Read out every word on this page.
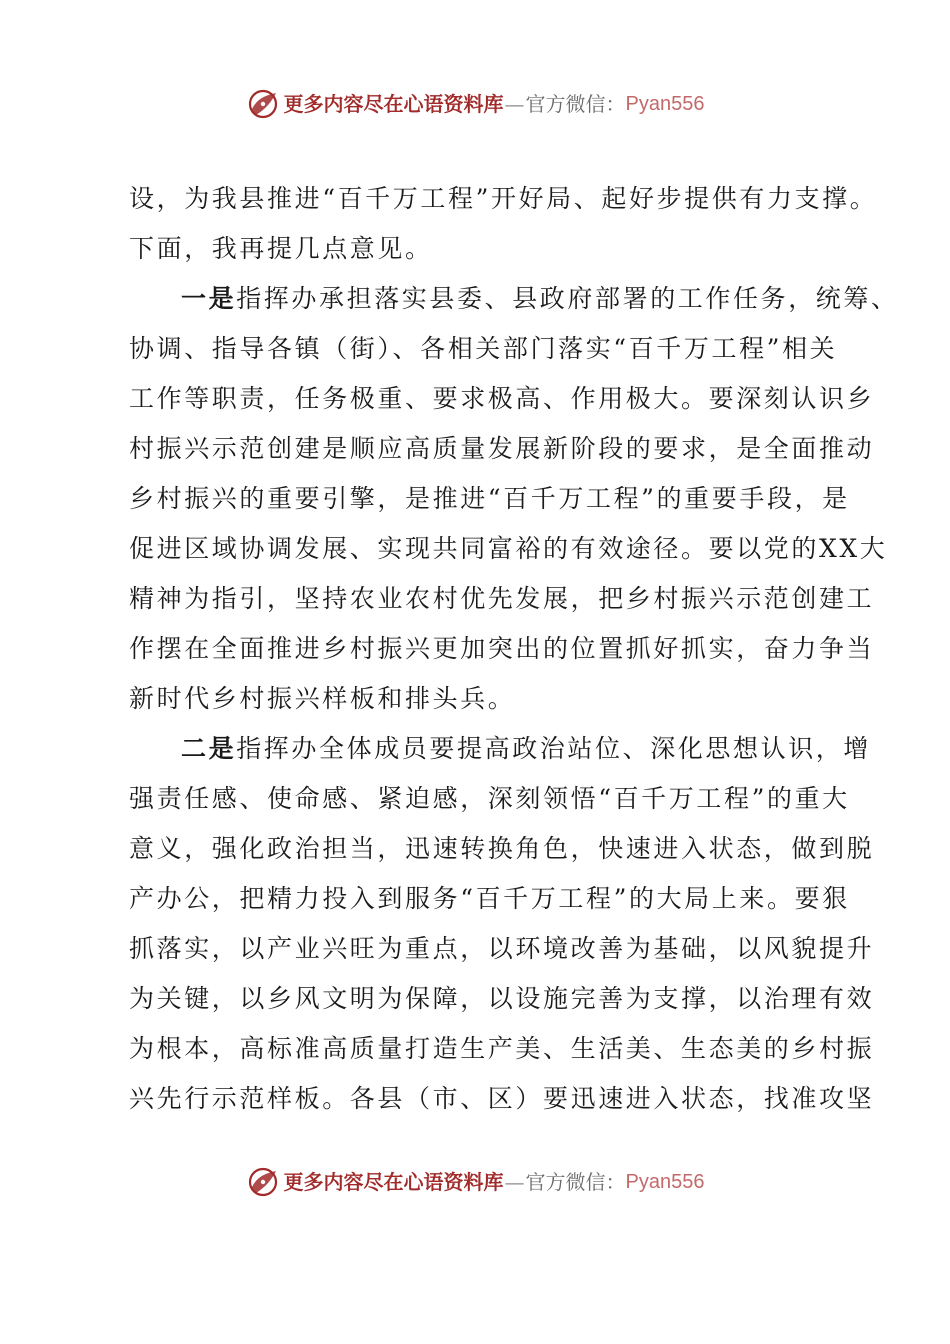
更多内容尽在心语资料库 — 官方微信： Pyan556
设，为我县推进“百千万工程”开好局、起好步提供有力支撑。
下面，我再提几点意见。
一是指挥办承担落实县委、县政府部署的工作任务，统筹、
协调、指导各镇（街）、各相关部门落实“百千万工程”相关
工作等职责，任务极重、要求极高、作用极大。要深刻认识乡
村振兴示范创建是顺应高质量发展新阶段的要求，是全面推动
乡村振兴的重要引擎，是推进“百千万工程”的重要手段，是
促进区域协调发展、实现共同富裕的有效途径。要以党的XX大
精神为指引，坚持农业农村优先发展，把乡村振兴示范创建工
作摆在全面推进乡村振兴更加突出的位置抓好抓实，奋力争当
新时代乡村振兴样板和排头兵。
二是指挥办全体成员要提高政治站位、深化思想认识，增
强责任感、使命感、紧迫感，深刻领悟“百千万工程”的重大
意义，强化政治担当，迅速转换角色，快速进入状态，做到脱
产办公，把精力投入到服务“百千万工程”的大局上来。要狠
抓落实，以产业兴旺为重点，以环境改善为基础，以风貌提升
为关键，以乡风文明为保障，以设施完善为支撑，以治理有效
为根本，高标准高质量打造生产美、生活美、生态美的乡村振
兴先行示范样板。各县（市、区）要迅速进入状态，找准攻坚
更多内容尽在心语资料库 — 官方微信： Pyan556
